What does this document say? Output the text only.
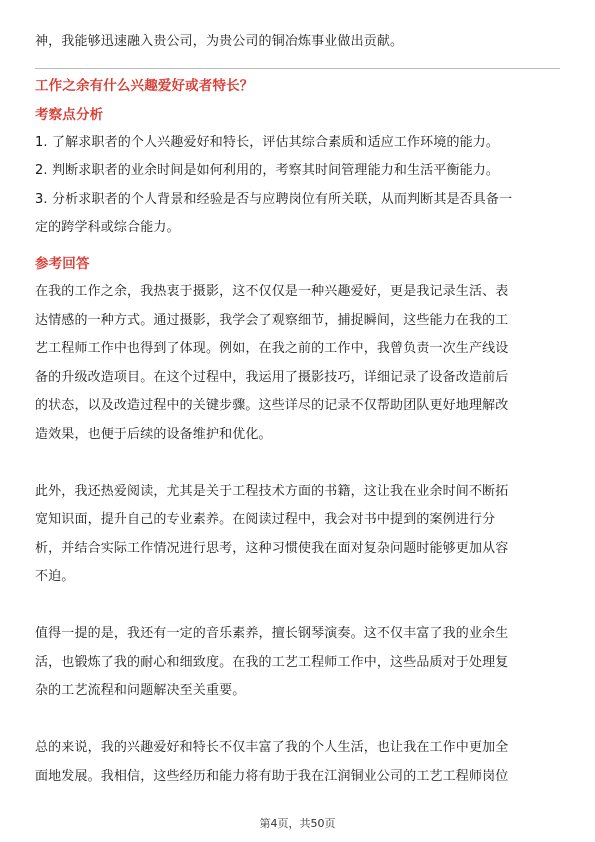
神，我能够迅速融入贵公司，为贵公司的铜冶炼事业做出贡献。
工作之余有什么兴趣爱好或者特长？
考察点分析
1. 了解求职者的个人兴趣爱好和特长，评估其综合素质和适应工作环境的能力。
2. 判断求职者的业余时间是如何利用的，考察其时间管理能力和生活平衡能力。
3. 分析求职者的个人背景和经验是否与应聘岗位有所关联，从而判断其是否具备一
定的跨学科或综合能力。
参考回答
在我的工作之余，我热衷于摄影，这不仅仅是一种兴趣爱好，更是我记录生活、表
达情感的一种方式。通过摄影，我学会了观察细节，捕捉瞬间，这些能力在我的工
艺工程师工作中也得到了体现。例如，在我之前的工作中，我曾负责一次生产线设
备的升级改造项目。在这个过程中，我运用了摄影技巧，详细记录了设备改造前后
的状态，以及改造过程中的关键步骤。这些详尽的记录不仅帮助团队更好地理解改
造效果，也便于后续的设备维护和优化。
此外，我还热爱阅读，尤其是关于工程技术方面的书籍，这让我在业余时间不断拓
宽知识面，提升自己的专业素养。在阅读过程中，我会对书中提到的案例进行分
析，并结合实际工作情况进行思考，这种习惯使我在面对复杂问题时能够更加从容
不迫。
值得一提的是，我还有一定的音乐素养，擅长钢琴演奏。这不仅丰富了我的业余生
活，也锻炼了我的耐心和细致度。在我的工艺工程师工作中，这些品质对于处理复
杂的工艺流程和问题解决至关重要。
总的来说，我的兴趣爱好和特长不仅丰富了我的个人生活，也让我在工作中更加全
面地发展。我相信，这些经历和能力将有助于我在江润铜业公司的工艺工程师岗位
第4页，共50页
